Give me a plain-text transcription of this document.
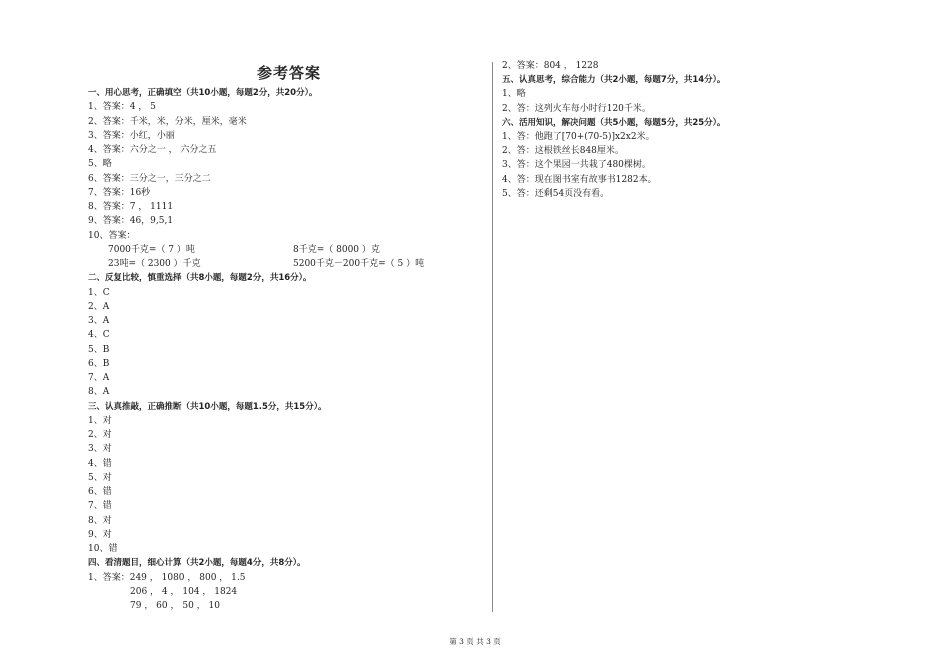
参考答案
一、用心思考，正确填空（共10小题，每题2分，共20分）。
1、答案：4 ， 5
2、答案：千米，米，分米，厘米，毫米
3、答案：小红，小丽
4、答案：六分之一 ， 六分之五
5、略
6、答案：三分之一，三分之二
7、答案：16秒
8、答案：7 ， 1111
9、答案：46，9,5,1
10、答案：
7000千克=（ 7 ）吨	8千克=（ 8000 ）克
23吨=（ 2300 ）千克	5200千克－200千克=（ 5 ）吨
二、反复比较，慎重选择（共8小题，每题2分，共16分）。
1、C
2、A
3、A
4、C
5、B
6、B
7、A
8、A
三、认真推敲，正确推断（共10小题，每题1.5分，共15分）。
1、对
2、对
3、对
4、错
5、对
6、错
7、错
8、对
9、对
10、错
四、看清题目，细心计算（共2小题，每题4分，共8分）。
1、答案：249 ， 1080 ， 800 ， 1.5
206 ， 4 ， 104 ， 1824
79 ， 60 ， 50 ， 10
2、答案：804 ， 1228
五、认真思考，综合能力（共2小题，每题7分，共14分）。
1、略
2、答：这列火车每小时行120千米。
六、活用知识，解决问题（共5小题，每题5分，共25分）。
1、答：他跑了[70+(70-5)]x2x2米。
2、答：这根铁丝长848厘米。
3、答：这个果园一共栽了480棵树。
4、答：现在图书室有故事书1282本。
5、答：还剩54页没有看。
第 3 页 共 3 页
